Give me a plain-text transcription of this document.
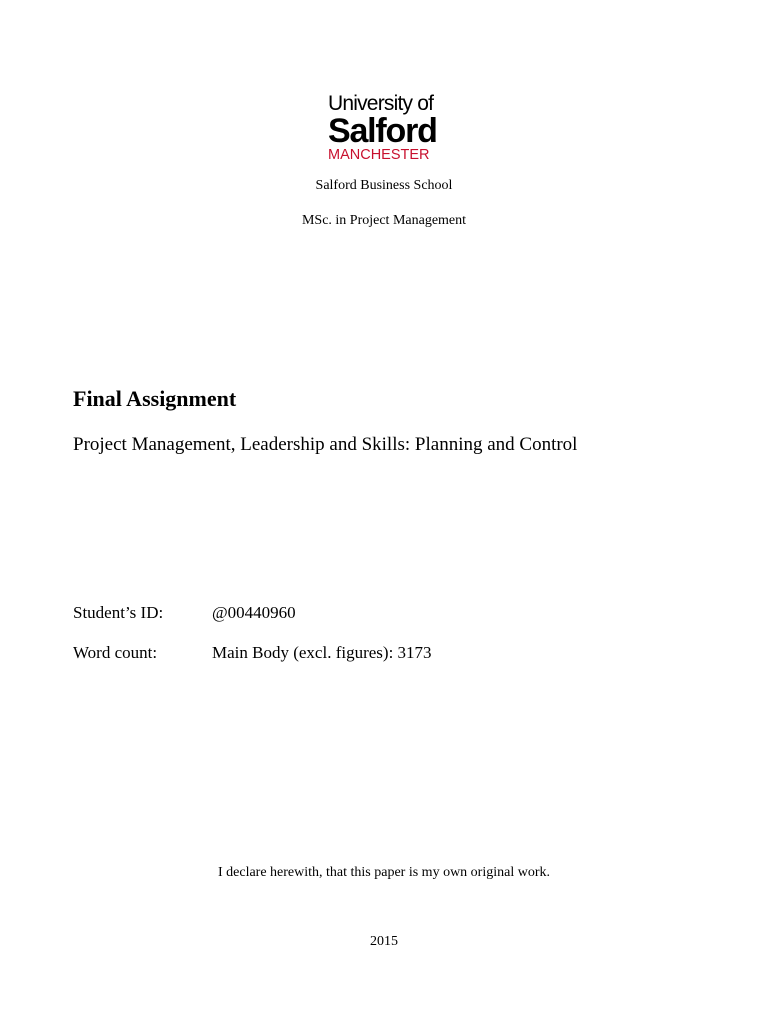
University of
Salford
MANCHESTER
Salford Business School
MSc. in Project Management
Final Assignment
Project Management, Leadership and Skills: Planning and Control
Student’s ID:	@00440960
Word count:	Main Body (excl. figures): 3173
I declare herewith, that this paper is my own original work.
2015
